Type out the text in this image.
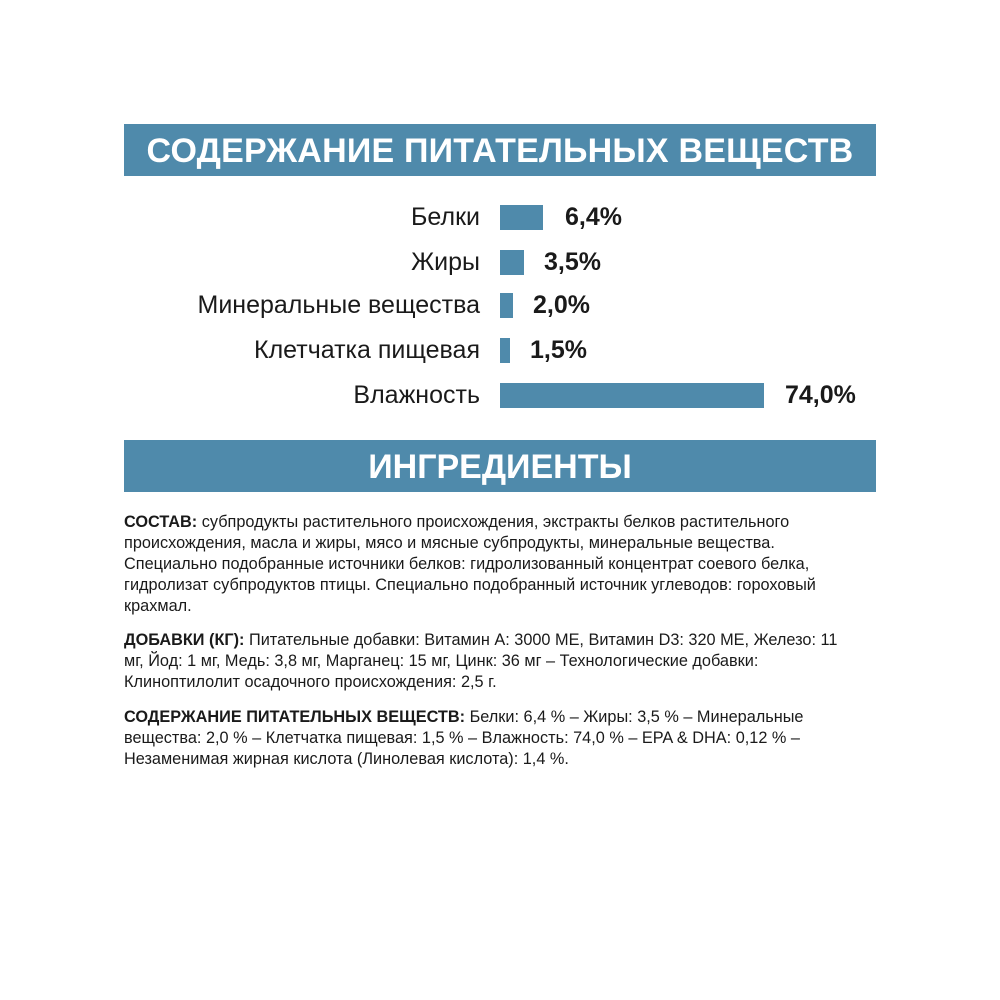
СОДЕРЖАНИЕ ПИТАТЕЛЬНЫХ ВЕЩЕСТВ
Белки	6,4%
Жиры	3,5%
Минеральные вещества 2,0%
Клетчатка пищевая 1,5%
Влажность	74,0%
ИНГРЕДИЕНТЫ
СОСТАВ: субпродукты растительного происхождения, экстракты белков растительного происхождения, масла и жиры, мясо и мясные субпродукты, минеральные вещества. Специально подобранные источники белков: гидролизованный концентрат соевого белка, гидролизат субпродуктов птицы. Специально подобранный источник углеводов: гороховый крахмал.
ДОБАВКИ (КГ): Питательные добавки: Витамин A: 3000 МЕ, Витамин D3: 320 МЕ, Железо: 11 мг, Йод: 1 мг, Медь: 3,8 мг, Марганец: 15 мг, Цинк: 36 мг – Технологические добавки: Клиноптилолит осадочного происхождения: 2,5 г.
СОДЕРЖАНИЕ ПИТАТЕЛЬНЫХ ВЕЩЕСТВ: Белки: 6,4 % – Жиры: 3,5 % – Минеральные вещества: 2,0 % – Клетчатка пищевая: 1,5 % – Влажность: 74,0 % – EPA & DHA: 0,12 % – Незаменимая жирная кислота (Линолевая кислота): 1,4 %.
